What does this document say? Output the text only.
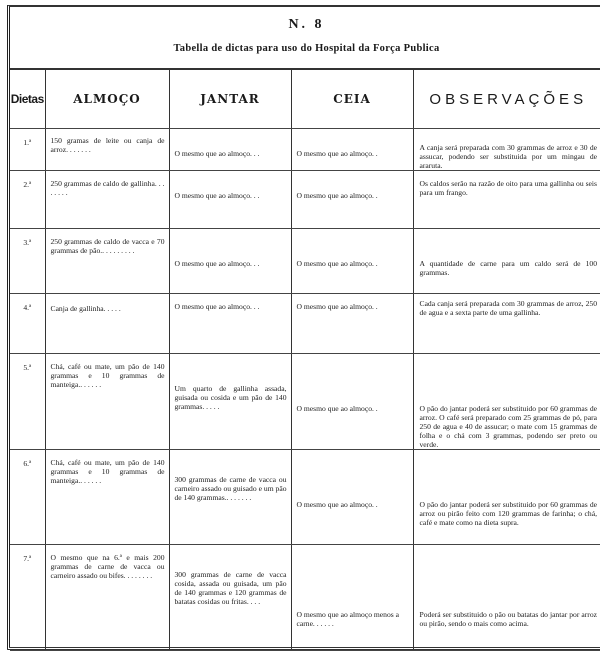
N. 8
Tabella de dictas para uso do Hospital da Força Publica
Dietas	ALMOÇO	JANTAR	CEIA	OBSERVAÇÕES
1.ª	150 gramas de leite ou canja de arroz. . . . . . .	O mesmo que ao almoço. . .	O mesmo que ao almoço. .	A canja será preparada com 30 grammas de arroz e 30 de assucar, podendo ser substituida por um mingau de araruta.
2.ª	250 grammas de caldo de gallinha. . . . . . . .	O mesmo que ao almoço. . .	O mesmo que ao almoço. .	Os caldos serão na razão de oito para uma gallinha ou seis para um frango.
3.ª	250 grammas de caldo de vacca e 70 grammas de pão.. . . . . . . . .	O mesmo que ao almoço. . .	O mesmo que ao almoço. .	A quantidade de carne para um caldo será de 100 grammas.
4.ª	Canja de gallinha. . . . .	O mesmo que ao almoço. . .	O mesmo que ao almoço. .	Cada canja será preparada com 30 grammas de arroz, 250 de agua e a sexta parte de uma gallinha.
5.ª	Chá, café ou mate, um pão de 140 grammas e 10 grammas de manteiga.. . . . . .	Um quarto de gallinha assada, guisada ou cosida e um pão de 140 grammas. . . . .	O mesmo que ao almoço. .	O pão do jantar poderá ser substituido por 60 grammas de arroz. O café será preparado com 25 grammas de pó, para 250 de agua e 40 de assucar; o mate com 15 grammas de folha e o chá com 3 grammas, podendo ser preto ou verde.
6.ª	Chá, café ou mate, um pão de 140 grammas e 10 grammas de manteiga.. . . . . .	300 grammas de carne de vacca ou carneiro assado ou guisado e um pão de 140 grammas.. . . . . . .	O mesmo que ao almoço. .	O pão do jantar poderá ser substituido por 60 grammas de arroz ou pirão feito com 120 grammas de farinha; o chá, café e mate como na dieta supra.
7.ª	O mesmo que na 6.ª e mais 200 grammas de carne de vacca ou carneiro assado ou bifes. . . . . . . .	300 grammas de carne de vacca cosida, assada ou guisada, um pão de 140 grammas e 120 grammas de batatas cosidas ou fritas. . . .	O mesmo que ao almoço menos a carne. . . . . .	Poderá ser substituido o pão ou batatas do jantar por arroz ou pirão, sendo o mais como acima.
